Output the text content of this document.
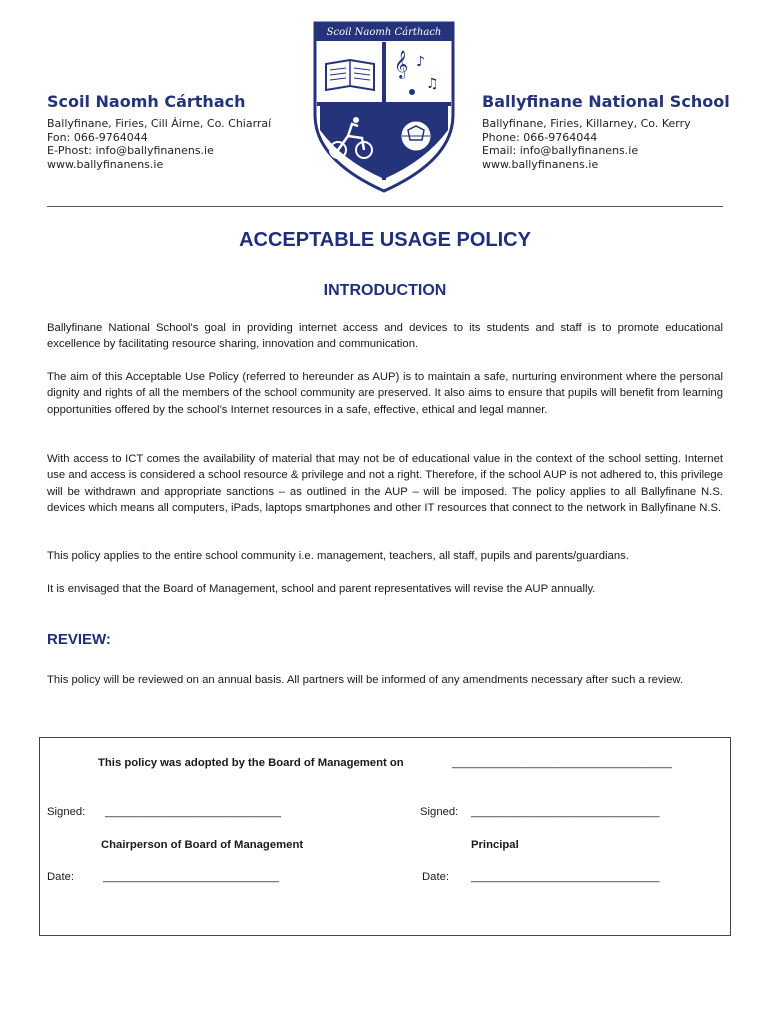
Scoil Naomh Cárthach
Ballyfinane, Firies, Cill Áirne, Co. Chiarraí
Fon: 066-9764044
E-Phost: info@ballyfinanens.ie
www.ballyfinanens.ie
Scoil Naomh Cárthach
𝄞 ♪
♫
Ballyfinane National School
Ballyfinane, Firies, Killarney, Co. Kerry
Phone: 066-9764044
Email: info@ballyfinanens.ie
www.ballyfinanens.ie
ACCEPTABLE USAGE POLICY
INTRODUCTION

Ballyfinane National School's goal in providing internet access and devices to its students and staff is to promote educational excellence by facilitating resource sharing, innovation and communication.

The aim of this Acceptable Use Policy (referred to hereunder as AUP) is to maintain a safe, nurturing environment where the personal dignity and rights of all the members of the school community are preserved. It also aims to ensure that pupils will benefit from learning opportunities offered by the school’s Internet resources in a safe, effective, ethical and legal manner.

With access to ICT comes the availability of material that may not be of educational value in the context of the school setting. Internet use and access is considered a school resource & privilege and not a right. Therefore, if the school AUP is not adhered to, this privilege will be withdrawn and appropriate sanctions – as outlined in the AUP – will be imposed. The policy applies to all Ballyfinane N.S. devices which means all computers, iPads, laptops smartphones and other IT resources that connect to the network in Ballyfinane N.S.

This policy applies to the entire school community i.e. management, teachers, all staff, pupils and parents/guardians.

It is envisaged that the Board of Management, school and parent representatives will revise the AUP annually.

REVIEW:

This policy will be reviewed on an annual basis. All partners will be informed of any amendments necessary after such a review.

This policy was adopted by the Board of Management on	___________________________________
Signed: ____________________________	Signed: ______________________________
Chairperson of Board of Management	Principal
Date:	____________________________	Date: ______________________________
